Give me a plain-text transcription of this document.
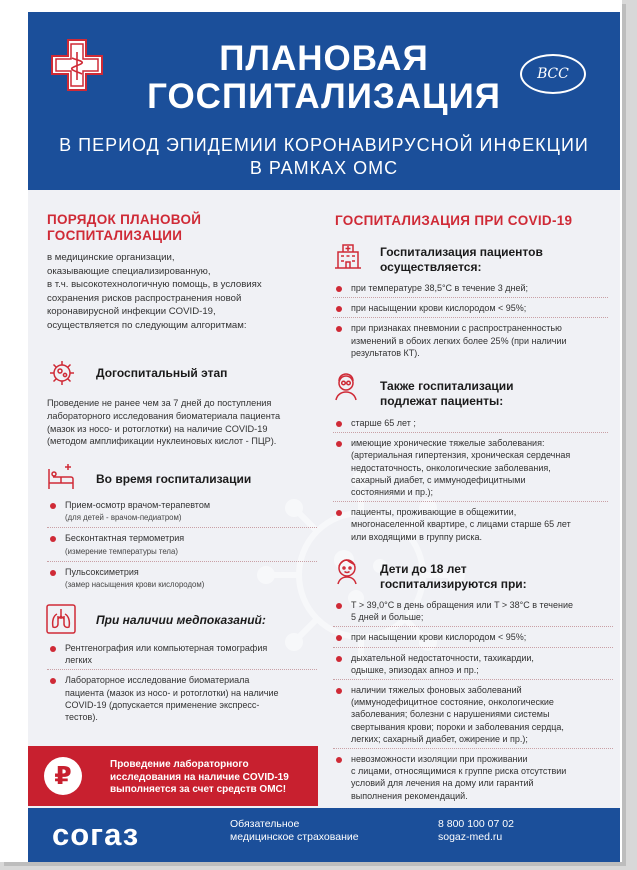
ПЛАНОВАЯ
ГОСПИТАЛИЗАЦИЯ
В ПЕРИОД ЭПИДЕМИИ КОРОНАВИРУСНОЙ ИНФЕКЦИИ
В РАМКАХ ОМС
ВСС
ПОРЯДОК ПЛАНОВОЙ
ГОСПИТАЛИЗАЦИИ
в медицинские организации,
оказывающие специализированную,
в т.ч. высокотехнологичную помощь, в условиях
сохранения рисков распространения новой
коронавирусной инфекции COVID-19,
осуществляется по следующим алгоритмам:
Догоспитальный этап
Проведение не ранее чем за 7 дней до поступления
лабораторного исследования биоматериала пациента
(мазок из носо- и ротоглотки) на наличие COVID-19
(методом амплификации нуклеиновых кислот - ПЦР).
Во время госпитализации
Прием-осмотр врачом-терапевтом
(для детей - врачом-педиатром)
Бесконтактная термометрия
(измерение температуры тела)
Пульсоксиметрия
(замер насыщения крови кислородом)
При наличии медпоказаний:
Рентгенография или компьютерная томография
легких
Лабораторное исследование биоматериала
пациента (мазок из носо- и ротоглотки) на наличие
COVID-19 (допускается применение экспресс-
тестов).
₽	Проведение лабораторного
исследования на наличие COVID-19
выполняется за счет средств ОМС!
ГОСПИТАЛИЗАЦИЯ ПРИ COVID-19
Госпитализация пациентов
осуществляется:
при температуре 38,5°C в течение 3 дней;
при насыщении крови кислородом < 95%;
при признаках пневмонии с распространенностью
изменений в обоих легких более 25% (при наличии
результатов КТ).
Также госпитализации
подлежат пациенты:
старше 65 лет ;
имеющие хронические тяжелые заболевания:
(артериальная гипертензия, хроническая сердечная
недостаточность, онкологические заболевания,
сахарный диабет, с иммунодефицитными
состояниями и пр.);
пациенты, проживающие в общежитии,
многонаселенной квартире, с лицами старше 65 лет
или входящими в группу риска.
Дети до 18 лет
госпитализируются при:
T > 39,0°C в день обращения или T > 38°C в течение
5 дней и больше;
при насыщении крови кислородом < 95%;
дыхательной недостаточности, тахикардии,
одышке, эпизодах апноэ и пр.;
наличии тяжелых фоновых заболеваний
(иммунодефицитное состояние, онкологические
заболевания; болезни с нарушениями системы
свертывания крови; пороки и заболевания сердца,
легких; сахарный диабет, ожирение и пр.);
невозможности изоляции при проживании
с лицами, относящимися к группе риска отсутствии
условий для лечения на дому или гарантий
выполнения рекомендаций.
согаз	Обязательное
медицинское страхование
8 800 100 07 02
sogaz-med.ru
